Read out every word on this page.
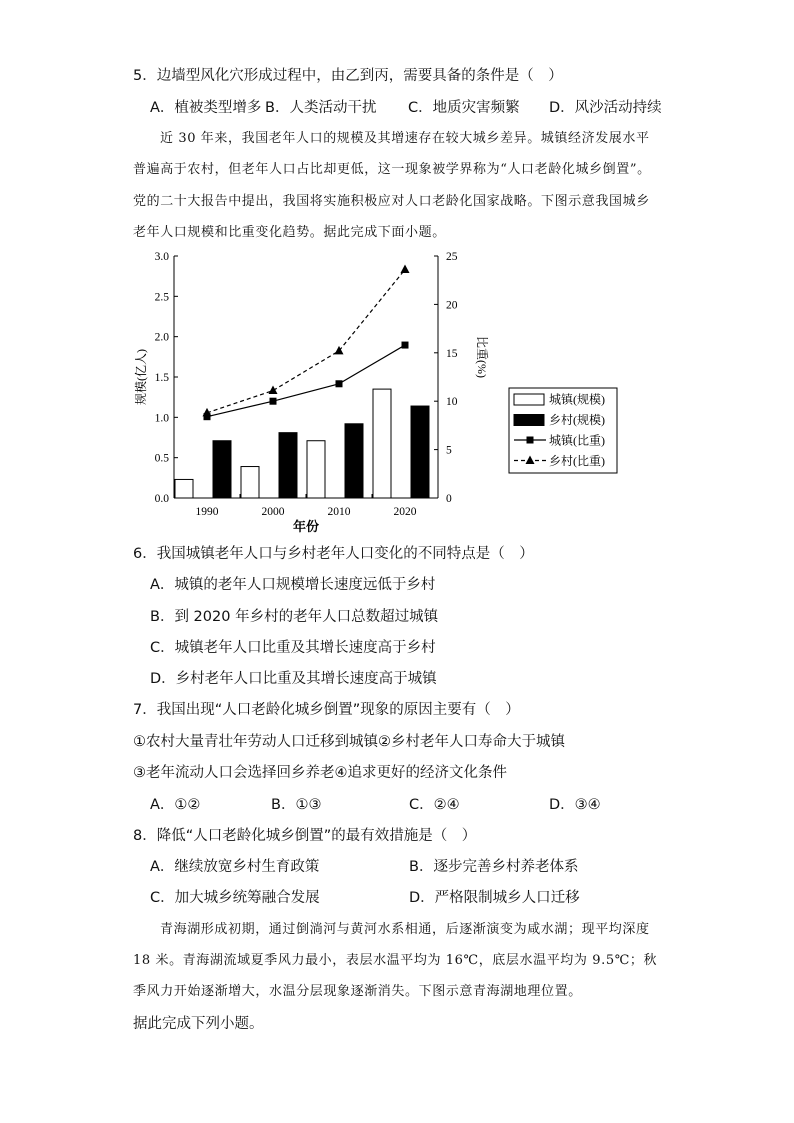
5．边墙型风化穴形成过程中，由乙到丙，需要具备的条件是（　）
A．植被类型增多 B．人类活动干扰 C．地质灾害频繁 D．风沙活动持续
近 30 年来，我国老年人口的规模及其增速存在较大城乡差异。城镇经济发展水平
普遍高于农村，但老年人口占比却更低，这一现象被学界称为“人口老龄化城乡倒置”。
党的二十大报告中提出，我国将实施积极应对人口老龄化国家战略。下图示意我国城乡
老年人口规模和比重变化趋势。据此完成下面小题。
0.0
0.5
1.0
1.5
2.0
2.5
3.0
0
5
10
15
20
25
1990	2000	2010	2020
年份
规模(亿人)	比重(%)
城镇(规模)
乡村(规模)
城镇(比重)
乡村(比重)
6．我国城镇老年人口与乡村老年人口变化的不同特点是（　）
A．城镇的老年人口规模增长速度远低于乡村
B．到 2020 年乡村的老年人口总数超过城镇
C．城镇老年人口比重及其增长速度高于乡村
D．乡村老年人口比重及其增长速度高于城镇
7．我国出现“人口老龄化城乡倒置”现象的原因主要有（　）
①农村大量青壮年劳动人口迁移到城镇②乡村老年人口寿命大于城镇
③老年流动人口会选择回乡养老④追求更好的经济文化条件
A．①②	B．①③	C．②④	D．③④
8．降低“人口老龄化城乡倒置”的最有效措施是（　）
A．继续放宽乡村生育政策	B．逐步完善乡村养老体系
C．加大城乡统筹融合发展	D．严格限制城乡人口迁移
青海湖形成初期，通过倒淌河与黄河水系相通，后逐渐演变为咸水湖；现平均深度
18 米。青海湖流域夏季风力最小，表层水温平均为 16℃，底层水温平均为 9.5℃；秋
季风力开始逐渐增大，水温分层现象逐渐消失。下图示意青海湖地理位置。
据此完成下列小题。
